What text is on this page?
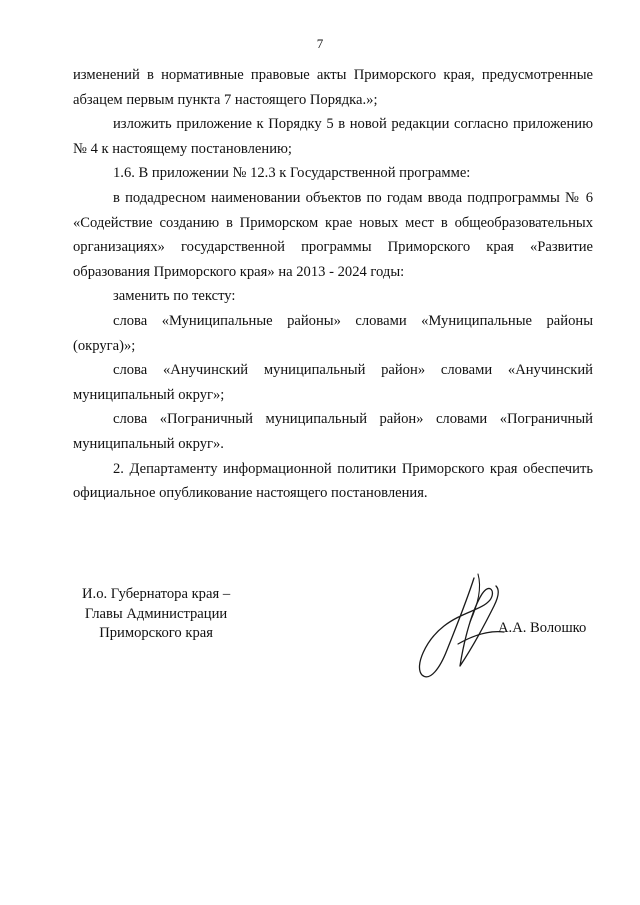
7

изменений в нормативные правовые акты Приморского края, предусмотренные

абзацем первым пункта 7 настоящего Порядка.»;

изложить приложение к Порядку 5 в новой редакции согласно приложению № 4 к настоящему постановлению;

1.6. В приложении № 12.3 к Государственной программе:

в подадресном наименовании объектов по годам ввода подпрограммы № 6 «Содействие созданию в Приморском крае новых мест в общеобразовательных организациях» государственной программы Приморского края «Развитие образования Приморского края» на 2013 - 2024 годы:

заменить по тексту:

слова «Муниципальные районы» словами «Муниципальные районы (округа)»;

слова «Анучинский муниципальный район» словами «Анучинский муниципальный округ»;

слова «Пограничный муниципальный район» словами «Пограничный муниципальный округ».

2. Департаменту информационной политики Приморского края обеспечить официальное опубликование настоящего постановления.

И.о. Губернатора края –
Главы Администрации
Приморского края	А.А. Волошко
